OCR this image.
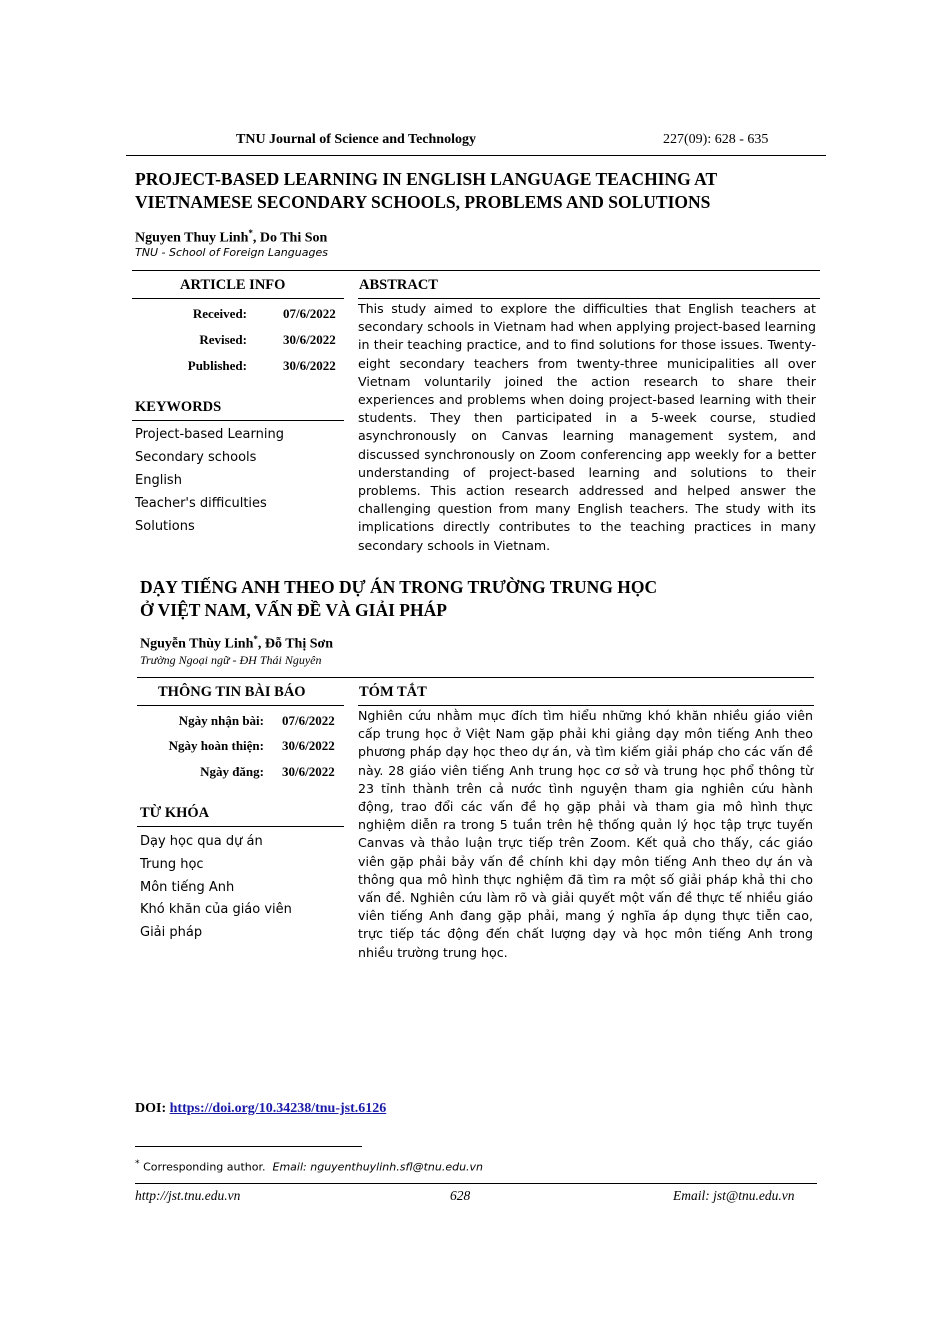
TNU Journal of Science and Technology	227(09): 628 - 635
PROJECT-BASED LEARNING IN ENGLISH LANGUAGE TEACHING AT
VIETNAMESE SECONDARY SCHOOLS, PROBLEMS AND SOLUTIONS
Nguyen Thuy Linh*, Do Thi Son
TNU - School of Foreign Languages
ARTICLE INFO	ABSTRACT
Received:	07/6/2022
Revised:	30/6/2022
Published:	30/6/2022
KEYWORDS
Project-based Learning
Secondary schools
English
Teacher's difficulties
Solutions
This study aimed to explore the difficulties that English teachers at secondary schools in Vietnam had when applying project-based learning in their teaching practice, and to find solutions for those issues. Twenty-eight secondary teachers from twenty-three municipalities all over Vietnam voluntarily joined the action research to share their experiences and problems when doing project-based learning with their students. They then participated in a 5-week course, studied asynchronously on Canvas learning management system, and discussed synchronously on Zoom conferencing app weekly for a better understanding of project-based learning and solutions to their problems. This action research addressed and helped answer the challenging question from many English teachers. The study with its implications directly contributes to the teaching practices in many secondary schools in Vietnam.
DẠY TIẾNG ANH THEO DỰ ÁN TRONG TRƯỜNG TRUNG HỌC
Ở VIỆT NAM, VẤN ĐỀ VÀ GIẢI PHÁP
Nguyễn Thùy Linh*, Đỗ Thị Sơn
Trường Ngoại ngữ - ĐH Thái Nguyên
THÔNG TIN BÀI BÁO	TÓM TẮT
Ngày nhận bài: 07/6/2022
Ngày hoàn thiện: 30/6/2022
Ngày đăng: 30/6/2022
TỪ KHÓA
Dạy học qua dự án
Trung học
Môn tiếng Anh
Khó khăn của giáo viên
Giải pháp
Nghiên cứu nhằm mục đích tìm hiểu những khó khăn nhiều giáo viên cấp trung học ở Việt Nam gặp phải khi giảng dạy môn tiếng Anh theo phương pháp dạy học theo dự án, và tìm kiếm giải pháp cho các vấn đề này. 28 giáo viên tiếng Anh trung học cơ sở và trung học phổ thông từ 23 tỉnh thành trên cả nước tình nguyện tham gia nghiên cứu hành động, trao đổi các vấn đề họ gặp phải và tham gia mô hình thực nghiệm diễn ra trong 5 tuần trên hệ thống quản lý học tập trực tuyến Canvas và thảo luận trực tiếp trên Zoom. Kết quả cho thấy, các giáo viên gặp phải bảy vấn đề chính khi dạy môn tiếng Anh theo dự án và thông qua mô hình thực nghiệm đã tìm ra một số giải pháp khả thi cho vấn đề. Nghiên cứu làm rõ và giải quyết một vấn đề thực tế nhiều giáo viên tiếng Anh đang gặp phải, mang ý nghĩa áp dụng thực tiễn cao, trực tiếp tác động đến chất lượng dạy và học môn tiếng Anh trong nhiều trường trung học.
DOI: https://doi.org/10.34238/tnu-jst.6126
* Corresponding author. Email: nguyenthuylinh.sfl@tnu.edu.vn
http://jst.tnu.edu.vn	628	Email: jst@tnu.edu.vn
